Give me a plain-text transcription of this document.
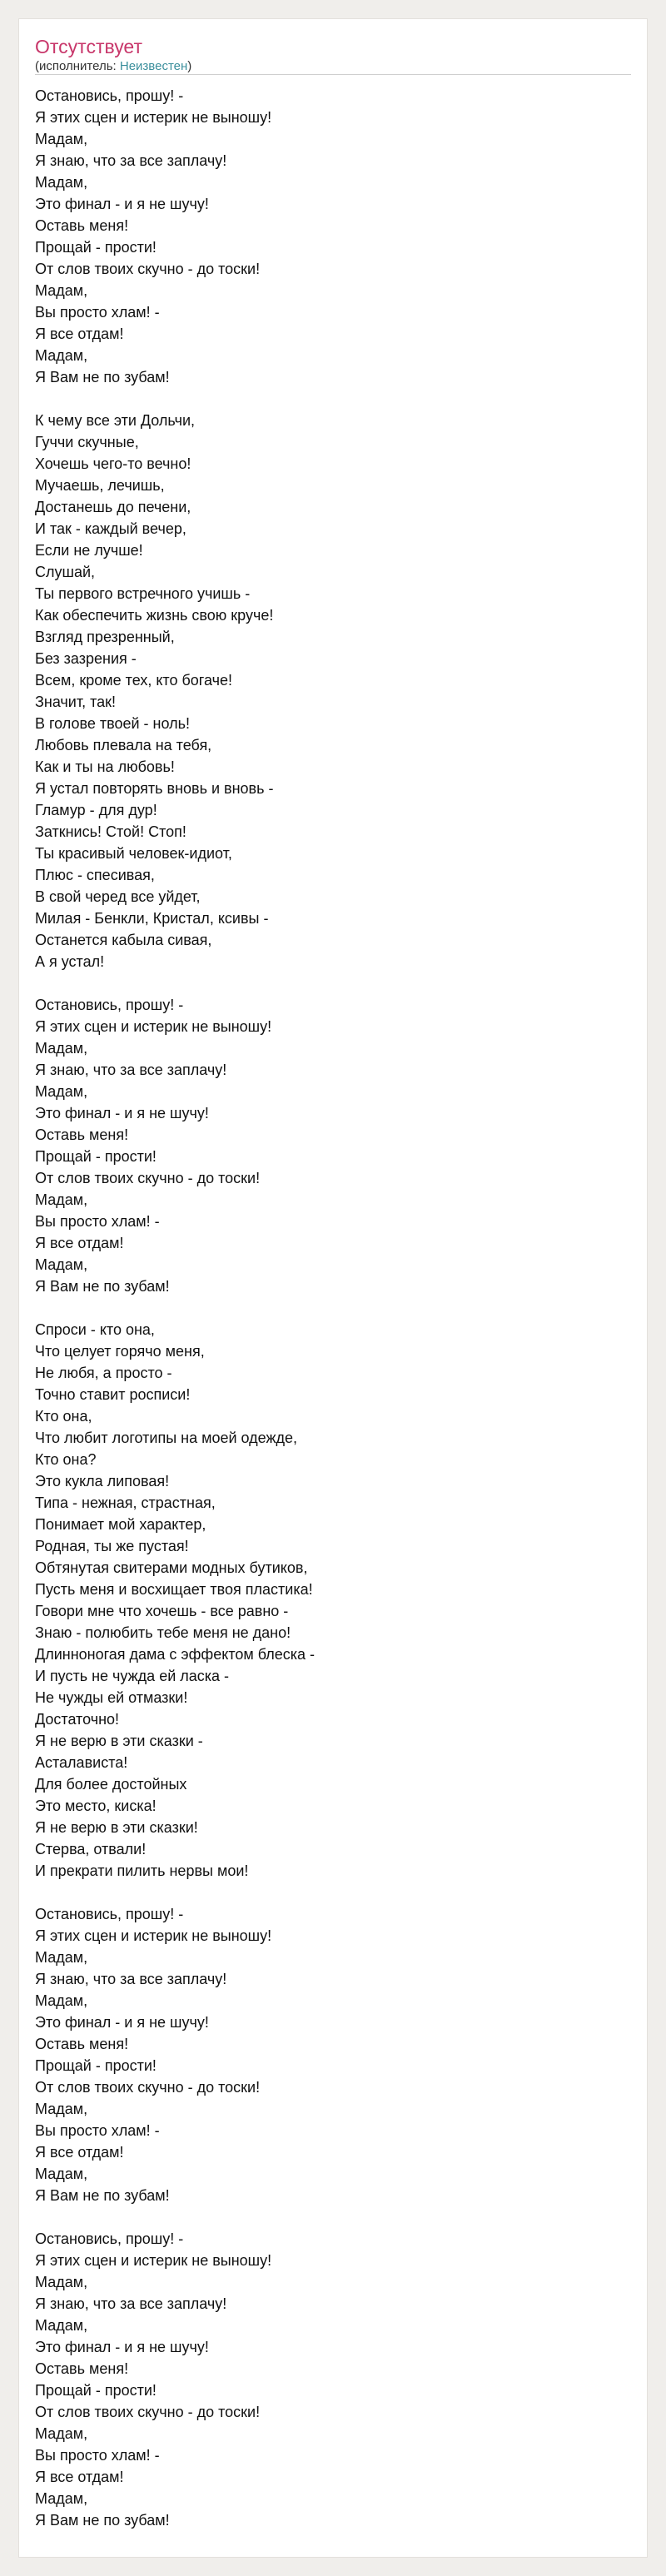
Отсутствует
(исполнитель: Неизвестен)
Остановись, прошу! -
Я этих сцен и истерик не выношу!
Мадам,
Я знаю, что за все заплачу!
Мадам,
Это финал - и я не шучу!
Оставь меня!
Прощай - прости!
От слов твоих скучно - до тоски!
Мадам,
Вы просто хлам! -
Я все отдам!
Мадам,
Я Вам не по зубам!
К чему все эти Дольчи,
Гуччи скучные,
Хочешь чего-то вечно!
Мучаешь, лечишь,
Достанешь до печени,
И так - каждый вечер,
Если не лучше!
Слушай,
Ты первого встречного учишь -
Как обеспечить жизнь свою круче!
Взгляд презренный,
Без зазрения -
Всем, кроме тех, кто богаче!
Значит, так!
В голове твоей - ноль!
Любовь плевала на тебя,
Как и ты на любовь!
Я устал повторять вновь и вновь -
Гламур - для дур!
Заткнись! Стой! Стоп!
Ты красивый человек-идиот,
Плюс - спесивая,
В свой черед все уйдет,
Милая - Бенкли, Кристал, ксивы -
Останется кабыла сивая,
А я устал!
Остановись, прошу! -
Я этих сцен и истерик не выношу!
Мадам,
Я знаю, что за все заплачу!
Мадам,
Это финал - и я не шучу!
Оставь меня!
Прощай - прости!
От слов твоих скучно - до тоски!
Мадам,
Вы просто хлам! -
Я все отдам!
Мадам,
Я Вам не по зубам!
Спроси - кто она,
Что целует горячо меня,
Не любя, а просто -
Точно ставит росписи!
Кто она,
Что любит логотипы на моей одежде,
Кто она?
Это кукла липовая!
Типа - нежная, страстная,
Понимает мой характер,
Родная, ты же пустая!
Обтянутая свитерами модных бутиков,
Пусть меня и восхищает твоя пластика!
Говори мне что хочешь - все равно -
Знаю - полюбить тебе меня не дано!
Длинноногая дама с эффектом блеска -
И пусть не чужда ей ласка -
Не чужды ей отмазки!
Достаточно!
Я не верю в эти сказки -
Асталависта!
Для более достойных
Это место, киска!
Я не верю в эти сказки!
Стерва, отвали!
И прекрати пилить нервы мои!
Остановись, прошу! -
Я этих сцен и истерик не выношу!
Мадам,
Я знаю, что за все заплачу!
Мадам,
Это финал - и я не шучу!
Оставь меня!
Прощай - прости!
От слов твоих скучно - до тоски!
Мадам,
Вы просто хлам! -
Я все отдам!
Мадам,
Я Вам не по зубам!
Остановись, прошу! -
Я этих сцен и истерик не выношу!
Мадам,
Я знаю, что за все заплачу!
Мадам,
Это финал - и я не шучу!
Оставь меня!
Прощай - прости!
От слов твоих скучно - до тоски!
Мадам,
Вы просто хлам! -
Я все отдам!
Мадам,
Я Вам не по зубам!
